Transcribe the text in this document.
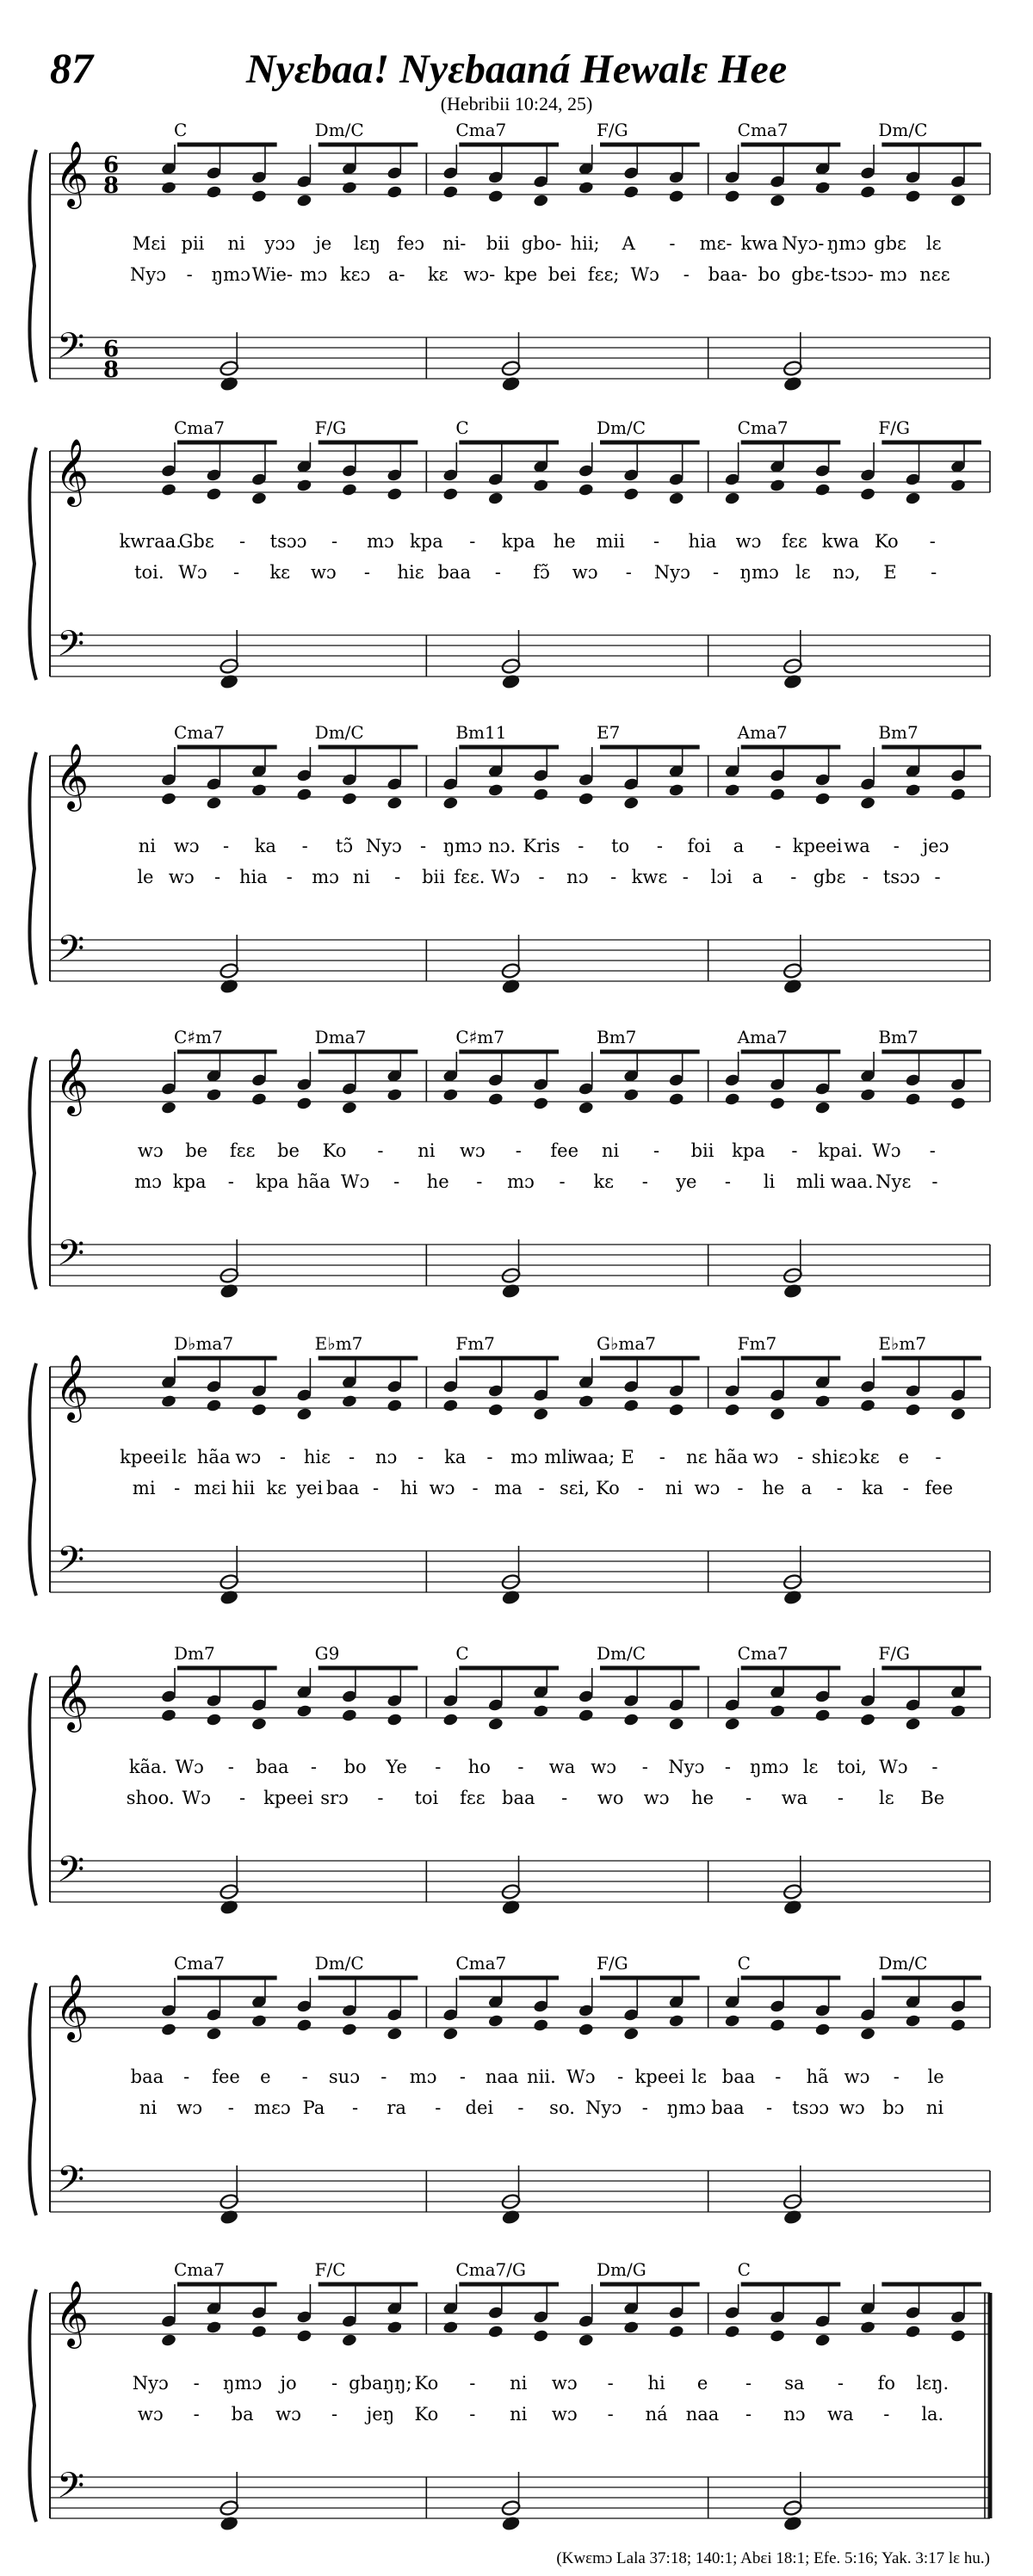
87	Nyɛbaa! Nyɛbaaná Hewalɛ Hee
(Hebribii 10:24, 25)
𝄞
𝄢
6
8
6
8
C	Dm/C	Cma7	F/G	Cma7	Dm/C
Mɛi pii ni yɔɔ je lɛŋ feɔ ni- bii gbo- hii; A - mɛ- kwa Nyɔ- ŋmɔ gbɛ lɛ
Nyɔ - ŋmɔ Wie- mɔ kɛɔ a- kɛ wɔ- kpe bei fɛɛ; Wɔ - baa- bo gbɛ- tsɔɔ- mɔ nɛɛ
𝄞
𝄢
Cma7	F/G	C	Dm/C	Cma7	F/G
kwraa.
Gbɛ - tsɔɔ - mɔ kpa - kpa he mii - hia wɔ fɛɛ kwa Ko -
toi. Wɔ - kɛ wɔ - hiɛ baa - fɔ̃ wɔ - Nyɔ - ŋmɔ lɛ nɔ, E -
𝄞
𝄢
Cma7	Dm/C	Bm11	E7	Ama7	Bm7
ni wɔ - ka - tɔ̃ Nyɔ - ŋmɔ nɔ. Kris - to - foi a - kpeei wa - jeɔ
le wɔ - hia - mɔ ni - bii fɛɛ. Wɔ - nɔ - kwɛ - lɔi a - gbɛ - tsɔɔ -
𝄞
𝄢
C♯m7	Dma7	C♯m7	Bm7	Ama7	Bm7
wɔ be fɛɛ be Ko - ni wɔ - fee ni - bii kpa - kpai. Wɔ -
mɔ kpa - kpa hãa Wɔ - he - mɔ - kɛ - ye - li mli waa. Nyɛ -
𝄞
𝄢
D♭ma7	E♭m7	Fm7	G♭ma7	Fm7	E♭m7
kpeei lɛ hãa wɔ - hiɛ - nɔ - ka - mɔ mli
waa; E - nɛ hãa wɔ - shiɛɔ kɛ e -
mi - mɛi hii kɛ yei baa - hi wɔ - ma - sɛi, Ko - ni wɔ - he a - ka - fee
𝄞
𝄢
Dm7	G9	C	Dm/C	Cma7	F/G
kãa. Wɔ - baa - bo Ye - ho - wa wɔ - Nyɔ - ŋmɔ lɛ toi, Wɔ -
shoo. Wɔ - kpeei srɔ - toi fɛɛ baa - wo wɔ he - wa - lɛ Be
𝄞
𝄢
Cma7	Dm/C	Cma7	F/G	C	Dm/C
baa - fee e - suɔ - mɔ - naa nii. Wɔ - kpeei lɛ baa - hã wɔ - le
ni wɔ - mɛɔ Pa - ra - dei - so. Nyɔ - ŋmɔ baa - tsɔɔ wɔ bɔ ni
𝄞
𝄢
Cma7	F/C	Cma7/G	Dm/G	C
Nyɔ - ŋmɔ jo - gbaŋŋ; Ko - ni wɔ - hi e - sa - fo lɛŋ.
wɔ - ba wɔ - jeŋ Ko - ni wɔ - ná naa - nɔ wa - la.
(Kwɛmɔ Lala 37:18; 140:1; Abɛi 18:1; Efe. 5:16; Yak. 3:17 lɛ hu.)
